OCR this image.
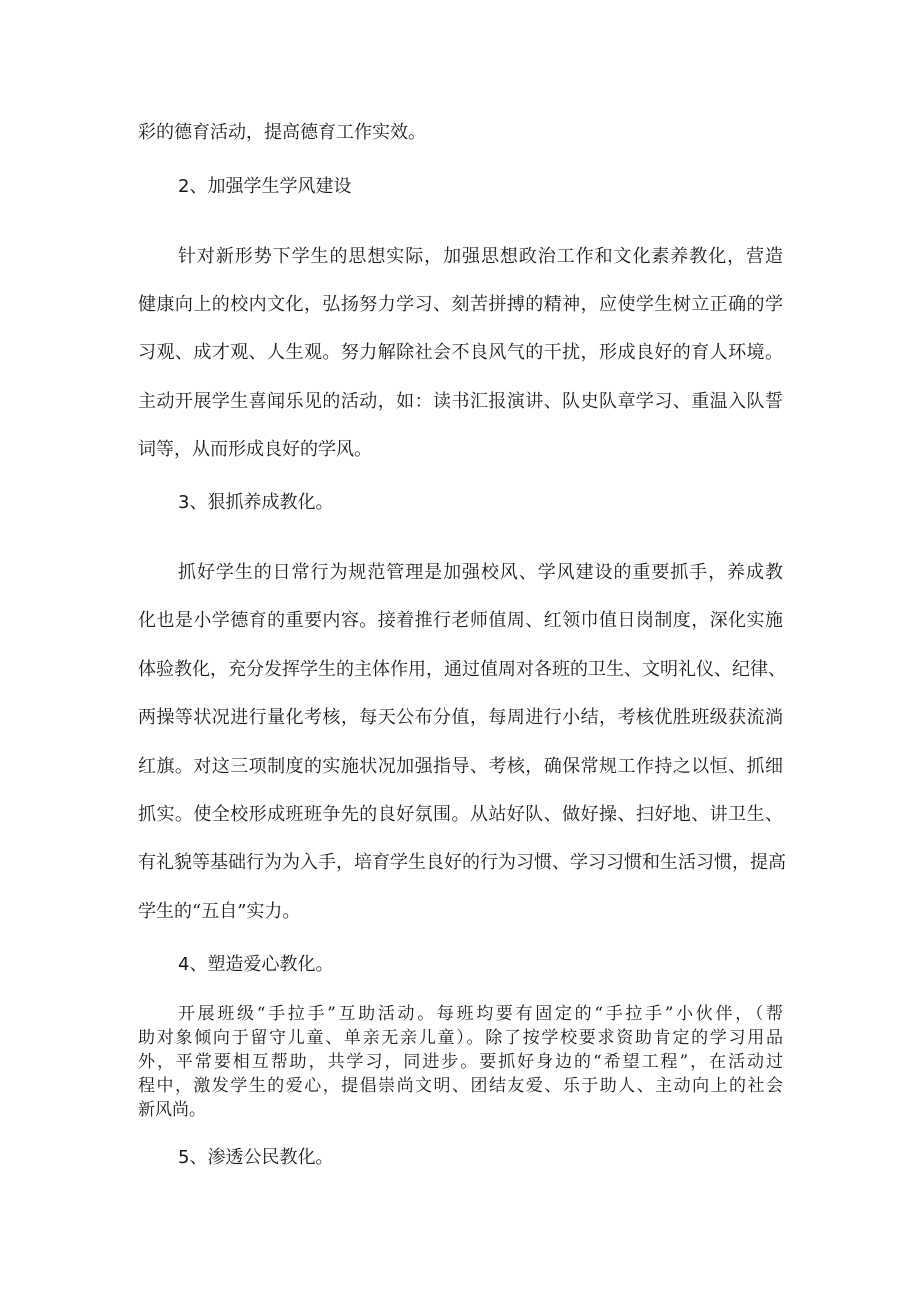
彩的德育活动，提高德育工作实效。
2、加强学生学风建设
针对新形势下学生的思想实际，加强思想政治工作和文化素养教化，营造
健康向上的校内文化，弘扬努力学习、刻苦拼搏的精神，应使学生树立正确的学
习观、成才观、人生观。努力解除社会不良风气的干扰，形成良好的育人环境。
主动开展学生喜闻乐见的活动，如：读书汇报演讲、队史队章学习、重温入队誓
词等，从而形成良好的学风。
3、狠抓养成教化。
抓好学生的日常行为规范管理是加强校风、学风建设的重要抓手，养成教
化也是小学德育的重要内容。接着推行老师值周、红领巾值日岗制度，深化实施
体验教化，充分发挥学生的主体作用，通过值周对各班的卫生、文明礼仪、纪律、
两操等状况进行量化考核，每天公布分值，每周进行小结，考核优胜班级获流淌
红旗。对这三项制度的实施状况加强指导、考核，确保常规工作持之以恒、抓细
抓实。使全校形成班班争先的良好氛围。从站好队、做好操、扫好地、讲卫生、
有礼貌等基础行为为入手，培育学生良好的行为习惯、学习习惯和生活习惯，提高
学生的“五自”实力。
4、塑造爱心教化。
开展班级“手拉手”互助活动。每班均要有固定的“手拉手”小伙伴，（帮
助对象倾向于留守儿童、单亲无亲儿童）。除了按学校要求资助肯定的学习用品
外，平常要相互帮助，共学习，同进步。要抓好身边的“希望工程”，在活动过
程中，激发学生的爱心，提倡崇尚文明、团结友爱、乐于助人、主动向上的社会
新风尚。
5、渗透公民教化。
